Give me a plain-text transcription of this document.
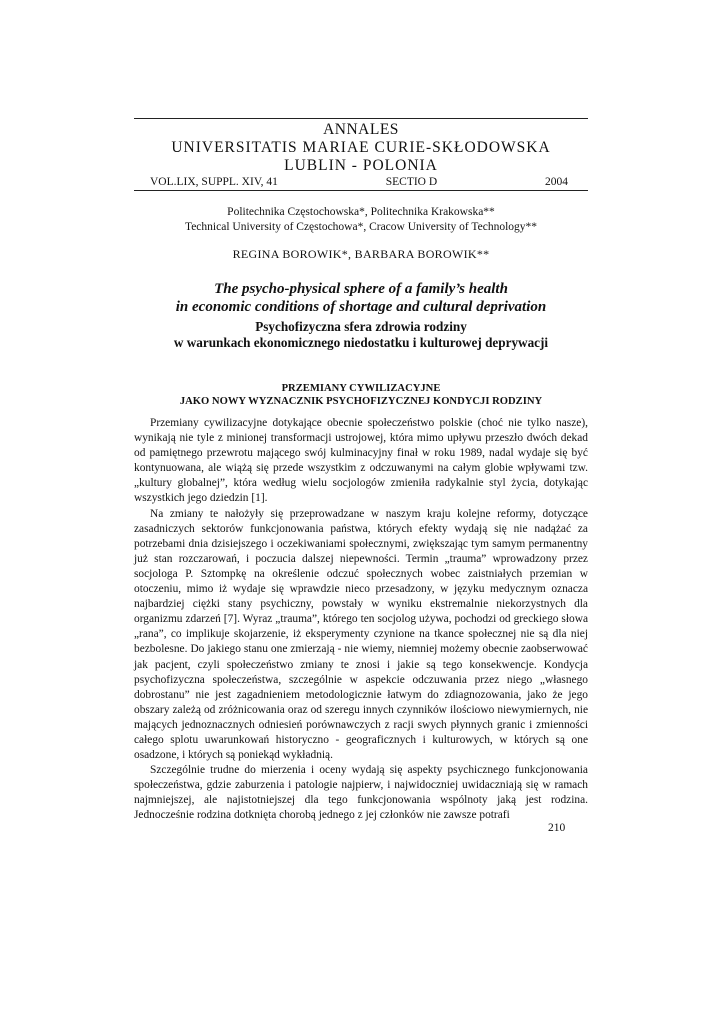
ANNALES
UNIVERSITATIS MARIAE CURIE-SKŁODOWSKA
LUBLIN - POLONIA
VOL.LIX, SUPPL. XIV, 41	SECTIO D	2004
Politechnika Częstochowska*, Politechnika Krakowska**
Technical University of Częstochowa*, Cracow University of Technology**
REGINA BOROWIK*, BARBARA BOROWIK**
The psycho-physical sphere of a family’s health
in economic conditions of shortage and cultural deprivation
Psychofizyczna sfera zdrowia rodziny
w warunkach ekonomicznego niedostatku i kulturowej deprywacji
PRZEMIANY CYWILIZACYJNE
JAKO NOWY WYZNACZNIK PSYCHOFIZYCZNEJ KONDYCJI RODZINY

Przemiany cywilizacyjne dotykające obecnie społeczeństwo polskie (choć nie tylko nasze), wynikają nie tyle z minionej transformacji ustrojowej, która mimo upływu przeszło dwóch dekad od pamiętnego przewrotu mającego swój kulminacyjny finał w roku 1989, nadal wydaje się być kontynuowana, ale wiążą się przede wszystkim z odczuwanymi na całym globie wpływami tzw. „kultury globalnej”, która według wielu socjologów zmieniła radykalnie styl życia, dotykając wszystkich jego dziedzin [1].

Na zmiany te nałożyły się przeprowadzane w naszym kraju kolejne reformy, dotyczące zasadniczych sektorów funkcjonowania państwa, których efekty wydają się nie nadążać za potrzebami dnia dzisiejszego i oczekiwaniami społecznymi, zwiększając tym samym permanentny już stan rozczarowań, i poczucia dalszej niepewności. Termin „trauma” wprowadzony przez socjologa P. Sztompkę na określenie odczuć społecznych wobec zaistniałych przemian w otoczeniu, mimo iż wydaje się wprawdzie nieco przesadzony, w języku medycznym oznacza najbardziej ciężki stany psychiczny, powstały w wyniku ekstremalnie niekorzystnych dla organizmu zdarzeń [7]. Wyraz „trauma”, którego ten socjolog używa, pochodzi od greckiego słowa „rana”, co implikuje skojarzenie, iż eksperymenty czynione na tkance społecznej nie są dla niej bezbolesne. Do jakiego stanu one zmierzają - nie wiemy, niemniej możemy obecnie zaobserwować jak pacjent, czyli społeczeństwo zmiany te znosi i jakie są tego konsekwencje. Kondycja psychofizyczna społeczeństwa, szczególnie w aspekcie odczuwania przez niego „własnego dobrostanu” nie jest zagadnieniem metodologicznie łatwym do zdiagnozowania, jako że jego obszary zależą od zróżnicowania oraz od szeregu innych czynników ilościowo niewymiernych, nie mających jednoznacznych odniesień porównawczych z racji swych płynnych granic i zmienności całego splotu uwarunkowań historyczno - geograficznych i kulturowych, w których są one osadzone, i których są poniekąd wykładnią.

Szczególnie trudne do mierzenia i oceny wydają się aspekty psychicznego funkcjonowania społeczeństwa, gdzie zaburzenia i patologie najpierw, i najwidoczniej uwidaczniają się w ramach najmniejszej, ale najistotniejszej dla tego funkcjonowania wspólnoty jaką jest rodzina. Jednocześnie rodzina dotknięta chorobą jednego z jej członków nie zawsze potrafi

210
